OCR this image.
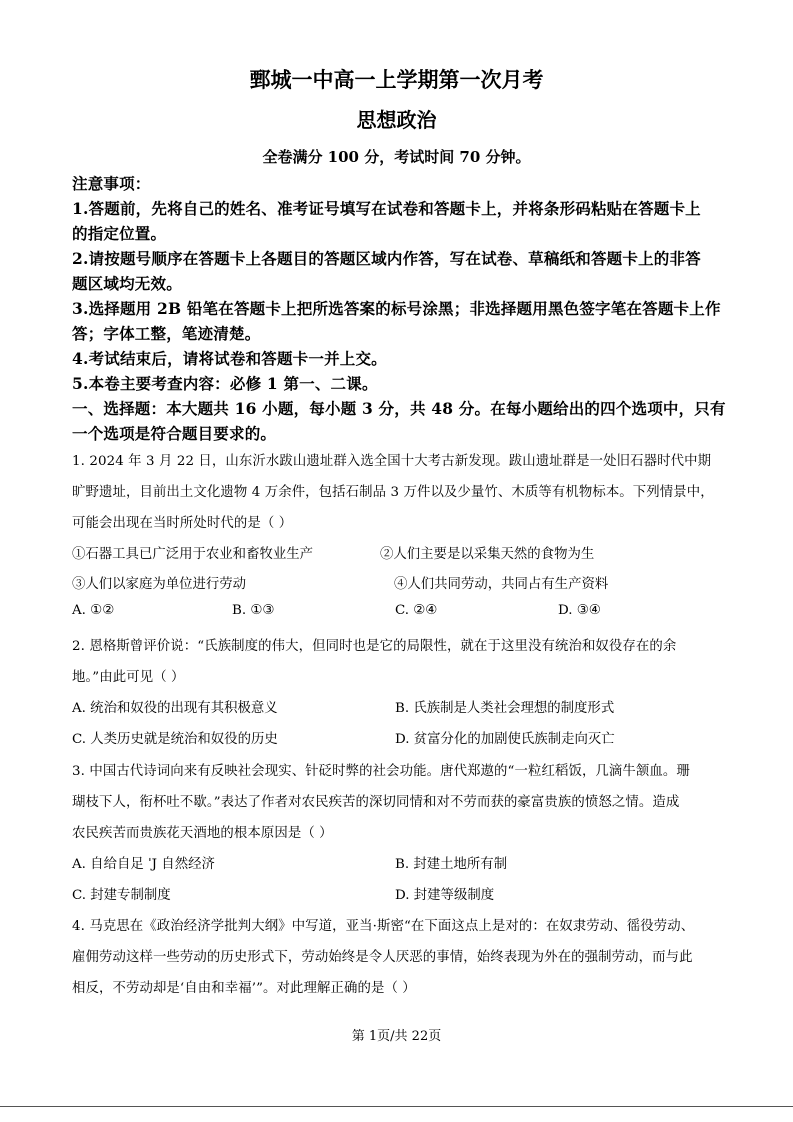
鄄城一中高一上学期第一次月考
思想政治
全卷满分 100 分，考试时间 70 分钟。
注意事项：
1.答题前，先将自己的姓名、准考证号填写在试卷和答题卡上，并将条形码粘贴在答题卡上
的指定位置。
2.请按题号顺序在答题卡上各题目的答题区域内作答，写在试卷、草稿纸和答题卡上的非答
题区域均无效。
3.选择题用 2B 铅笔在答题卡上把所选答案的标号涂黑；非选择题用黑色签字笔在答题卡上作
答；字体工整，笔迹清楚。
4.考试结束后，请将试卷和答题卡一并上交。
5.本卷主要考查内容：必修 1 第一、二课。
一、选择题：本大题共 16 小题，每小题 3 分，共 48 分。在每小题给出的四个选项中，只有
一个选项是符合题目要求的。
1. 2024 年 3 月 22 日，山东沂水跋山遗址群入选全国十大考古新发现。跋山遗址群是一处旧石器时代中期
旷野遗址，目前出土文化遗物 4 万余件，包括石制品 3 万件以及少量竹、木质等有机物标本。下列情景中，
可能会出现在当时所处时代的是（ ）
①石器工具已广泛用于农业和畜牧业生产	②人们主要是以采集天然的食物为生
③人们以家庭为单位进行劳动	④人们共同劳动，共同占有生产资料
A. ①②	B. ①③	C. ②④	D. ③④
2. 恩格斯曾评价说：“氏族制度的伟大，但同时也是它的局限性，就在于这里没有统治和奴役存在的余
地。”由此可见（ ）
A. 统治和奴役的出现有其积极意义	B. 氏族制是人类社会理想的制度形式
C. 人类历史就是统治和奴役的历史	D. 贫富分化的加剧使氏族制走向灭亡
3. 中国古代诗词向来有反映社会现实、针砭时弊的社会功能。唐代郑遨的“一粒红稻饭，几滴牛颔血。珊
瑚枝下人，衔杯吐不歇。”表达了作者对农民疾苦的深切同情和对不劳而获的豪富贵族的愤怒之情。造成
农民疾苦而贵族花天酒地的根本原因是（ ）
A. 自给自足 ˈJ 自然经济	B. 封建土地所有制
C. 封建专制制度	D. 封建等级制度
4. 马克思在《政治经济学批判大纲》中写道，亚当·斯密“在下面这点上是对的：在奴隶劳动、徭役劳动、
雇佣劳动这样一些劳动的历史形式下，劳动始终是令人厌恶的事情，始终表现为外在的强制劳动，而与此
相反，不劳动却是‘自由和幸福’”。对此理解正确的是（ ）
第 1页/共 22页
